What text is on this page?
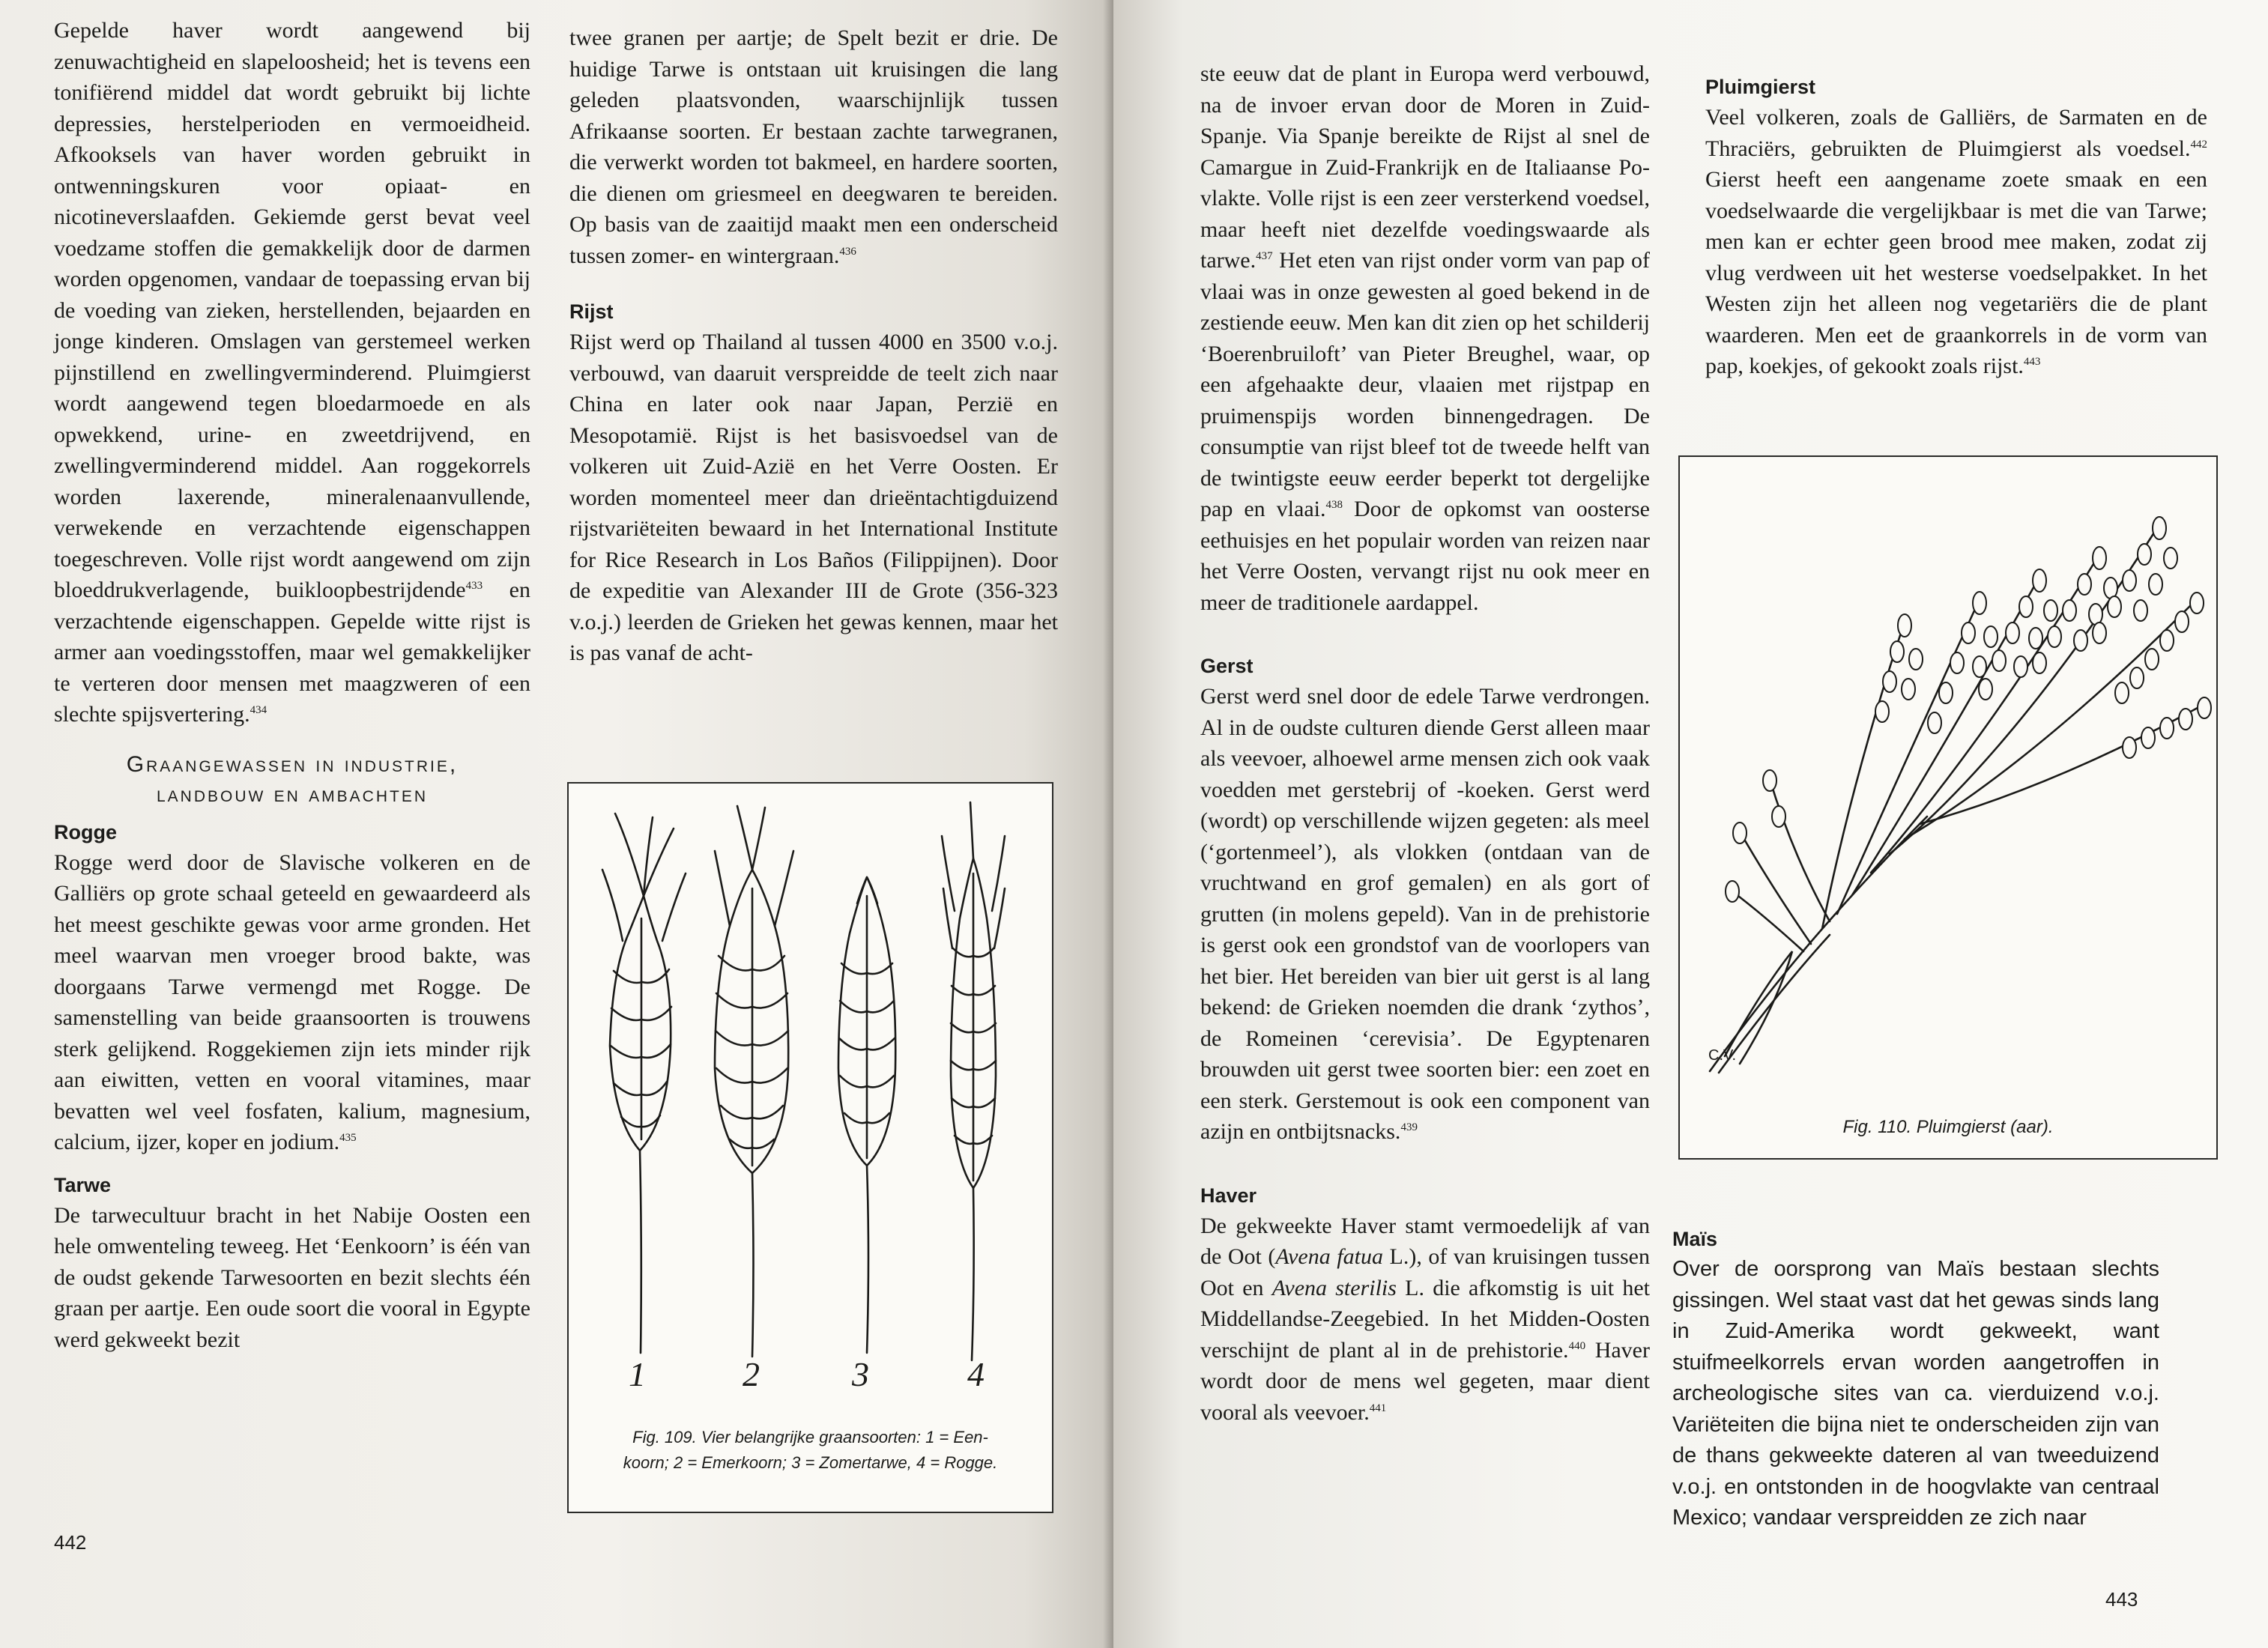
Gepelde haver wordt aangewend bij zenuwachtigheid en slapeloosheid; het is tevens een tonifiërend middel dat wordt gebruikt bij lichte depressies, herstelperioden en vermoeidheid. Afkooksels van haver worden gebruikt in ontwenningskuren voor opiaat- en nicotineverslaafden. Gekiemde gerst bevat veel voedzame stoffen die gemakkelijk door de darmen worden opgenomen, vandaar de toepassing ervan bij de voeding van zieken, herstellenden, bejaarden en jonge kinderen. Omslagen van gerstemeel werken pijnstillend en zwellingverminderend. Pluimgierst wordt aangewend tegen bloedarmoede en als opwekkend, urine- en zweetdrijvend, en zwellingverminderend middel. Aan roggekorrels worden laxerende, mineralenaanvullende, verwekende en verzachtende eigenschappen toegeschreven. Volle rijst wordt aangewend om zijn bloeddrukverlagende, buikloopbestrijdende$^{433}$ en verzachtende eigenschappen. Gepelde witte rijst is armer aan voedingsstoffen, maar wel gemakkelijker te verteren door mensen met maagzweren of een slechte spijsvertering.$^{434}$

Graangewassen in industrie,
landbouw en ambachten
Rogge

Rogge werd door de Slavische volkeren en de Galliërs op grote schaal geteeld en gewaardeerd als het meest geschikte gewas voor arme gronden. Het meel waarvan men vroeger brood bakte, was doorgaans Tarwe vermengd met Rogge. De samenstelling van beide graansoorten is trouwens sterk gelijkend. Roggekiemen zijn iets minder rijk aan eiwitten, vetten en vooral vitamines, maar bevatten wel veel fosfaten, kalium, magnesium, calcium, ijzer, koper en jodium.$^{435}$

Tarwe

De tarwecultuur bracht in het Nabije Oosten een hele omwenteling teweeg. Het ‘Eenkoorn’ is één van de oudst gekende Tarwesoorten en bezit slechts één graan per aartje. Een oude soort die vooral in Egypte werd gekweekt bezit

twee granen per aartje; de Spelt bezit er drie. De huidige Tarwe is ontstaan uit kruisingen die lang geleden plaatsvonden, waarschijnlijk tussen Afrikaanse soorten. Er bestaan zachte tarwegranen, die verwerkt worden tot bakmeel, en hardere soorten, die dienen om griesmeel en deegwaren te bereiden. Op basis van de zaaitijd maakt men een onderscheid tussen zomer- en wintergraan.$^{436}$

Rijst

Rijst werd op Thailand al tussen 4000 en 3500 v.o.j. verbouwd, van daaruit verspreidde de teelt zich naar China en later ook naar Japan, Perzië en Mesopotamië. Rijst is het basisvoedsel van de volkeren uit Zuid-Azië en het Verre Oosten. Er worden momenteel meer dan drieëntachtigduizend rijstvariëteiten bewaard in het International Institute for Rice Research in Los Baños (Filippijnen). Door de expeditie van Alexander III de Grote (356-323 v.o.j.) leerden de Grieken het gewas kennen, maar het is pas vanaf de acht-

1	2	3	4
Fig. 109. Vier belangrijke graansoorten: 1 = Een-
koorn; 2 = Emerkoorn; 3 = Zomertarwe, 4 = Rogge.
442

ste eeuw dat de plant in Europa werd verbouwd, na de invoer ervan door de Moren in Zuid-Spanje. Via Spanje bereikte de Rijst al snel de Camargue in Zuid-Frankrijk en de Italiaanse Po-vlakte. Volle rijst is een zeer versterkend voedsel, maar heeft niet dezelfde voedingswaarde als tarwe.$^{437}$ Het eten van rijst onder vorm van pap of vlaai was in onze gewesten al goed bekend in de zestiende eeuw. Men kan dit zien op het schilderij ‘Boerenbruiloft’ van Pieter Breughel, waar, op een afgehaakte deur, vlaaien met rijstpap en pruimenspijs worden binnengedragen. De consumptie van rijst bleef tot de tweede helft van de twintigste eeuw eerder beperkt tot dergelijke pap en vlaai.$^{438}$ Door de opkomst van oosterse eethuisjes en het populair worden van reizen naar het Verre Oosten, vervangt rijst nu ook meer en meer de traditionele aardappel.

Gerst

Gerst werd snel door de edele Tarwe verdrongen. Al in de oudste culturen diende Gerst alleen maar als veevoer, alhoewel arme mensen zich ook vaak voedden met gerstebrij of -koeken. Gerst werd (wordt) op verschillende wijzen gegeten: als meel (‘gortenmeel’), als vlokken (ontdaan van de vruchtwand en grof gemalen) en als gort of grutten (in molens gepeld). Van in de prehistorie is gerst ook een grondstof van de voorlopers van het bier. Het bereiden van bier uit gerst is al lang bekend: de Grieken noemden die drank ‘zythos’, de Romeinen ‘cerevisia’. De Egyptenaren brouwden uit gerst twee soorten bier: een zoet en een sterk. Gerstemout is ook een component van azijn en ontbijtsnacks.$^{439}$

Haver

De gekweekte Haver stamt vermoedelijk af van de Oot (Avena fatua L.), of van kruisingen tussen Oot en Avena sterilis L. die afkomstig is uit het Middellandse-Zeegebied. In het Midden-Oosten verschijnt de plant al in de prehistorie.$^{440}$ Haver wordt door de mens wel gegeten, maar dient vooral als veevoer.$^{441}$

Pluimgierst

Veel volkeren, zoals de Galliërs, de Sarmaten en de Thraciërs, gebruikten de Pluimgierst als voedsel.$^{442}$ Gierst heeft een aangename zoete smaak en een voedselwaarde die vergelijkbaar is met die van Tarwe; men kan er echter geen brood mee maken, zodat zij vlug verdween uit het westerse voedselpakket. In het Westen zijn het alleen nog vegetariërs die de plant waarderen. Men eet de graankorrels in de vorm van pap, koekjes, of gekookt zoals rijst.$^{443}$

C.V.
Fig. 110. Pluimgierst (aar).
Maïs

Over de oorsprong van Maïs bestaan slechts gissingen. Wel staat vast dat het gewas sinds lang in Zuid-Amerika wordt gekweekt, want stuifmeelkorrels ervan worden aangetroffen in archeologische sites van ca. vierduizend v.o.j. Variëteiten die bijna niet te onderscheiden zijn van de thans gekweekte dateren al van tweeduizend v.o.j. en ontstonden in de hoogvlakte van centraal Mexico; vandaar verspreidden ze zich naar

443
